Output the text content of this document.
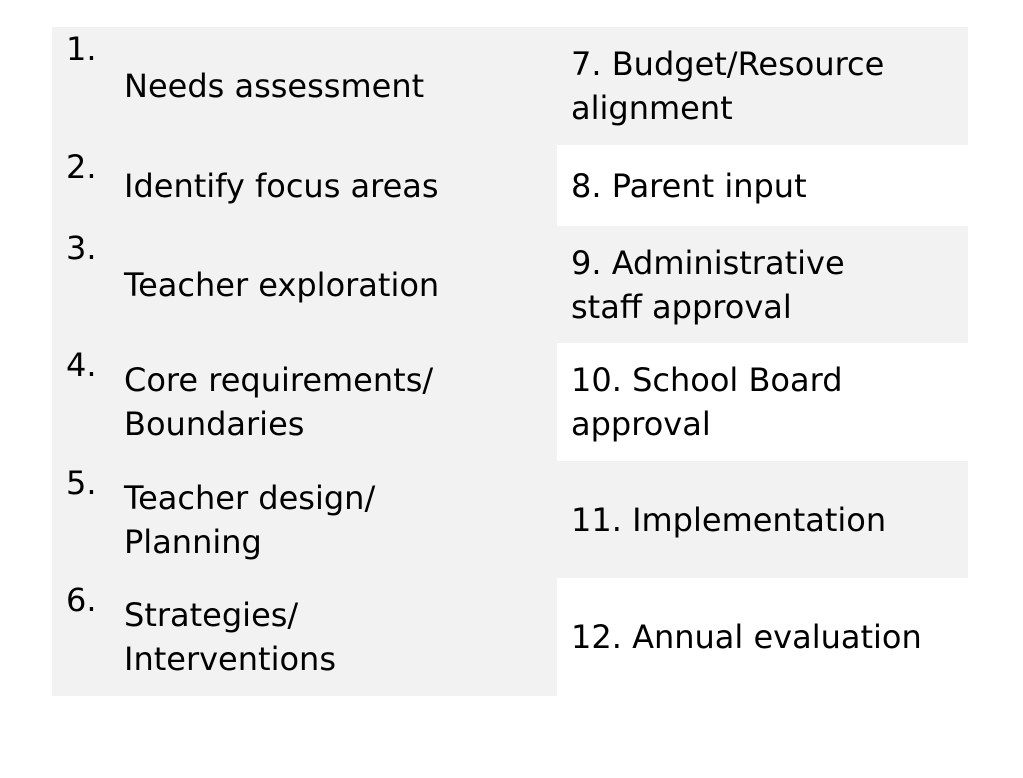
1.
Needs assessment
7. Budget/Resource
alignment
2. Identify focus areas	8. Parent input
3.
Teacher exploration
9. Administrative
staff approval
4. Core requirements/
Boundaries
10. School Board
approval
5. Teacher design/
Planning
11. Implementation
6. Strategies/
Interventions
12. Annual evaluation
